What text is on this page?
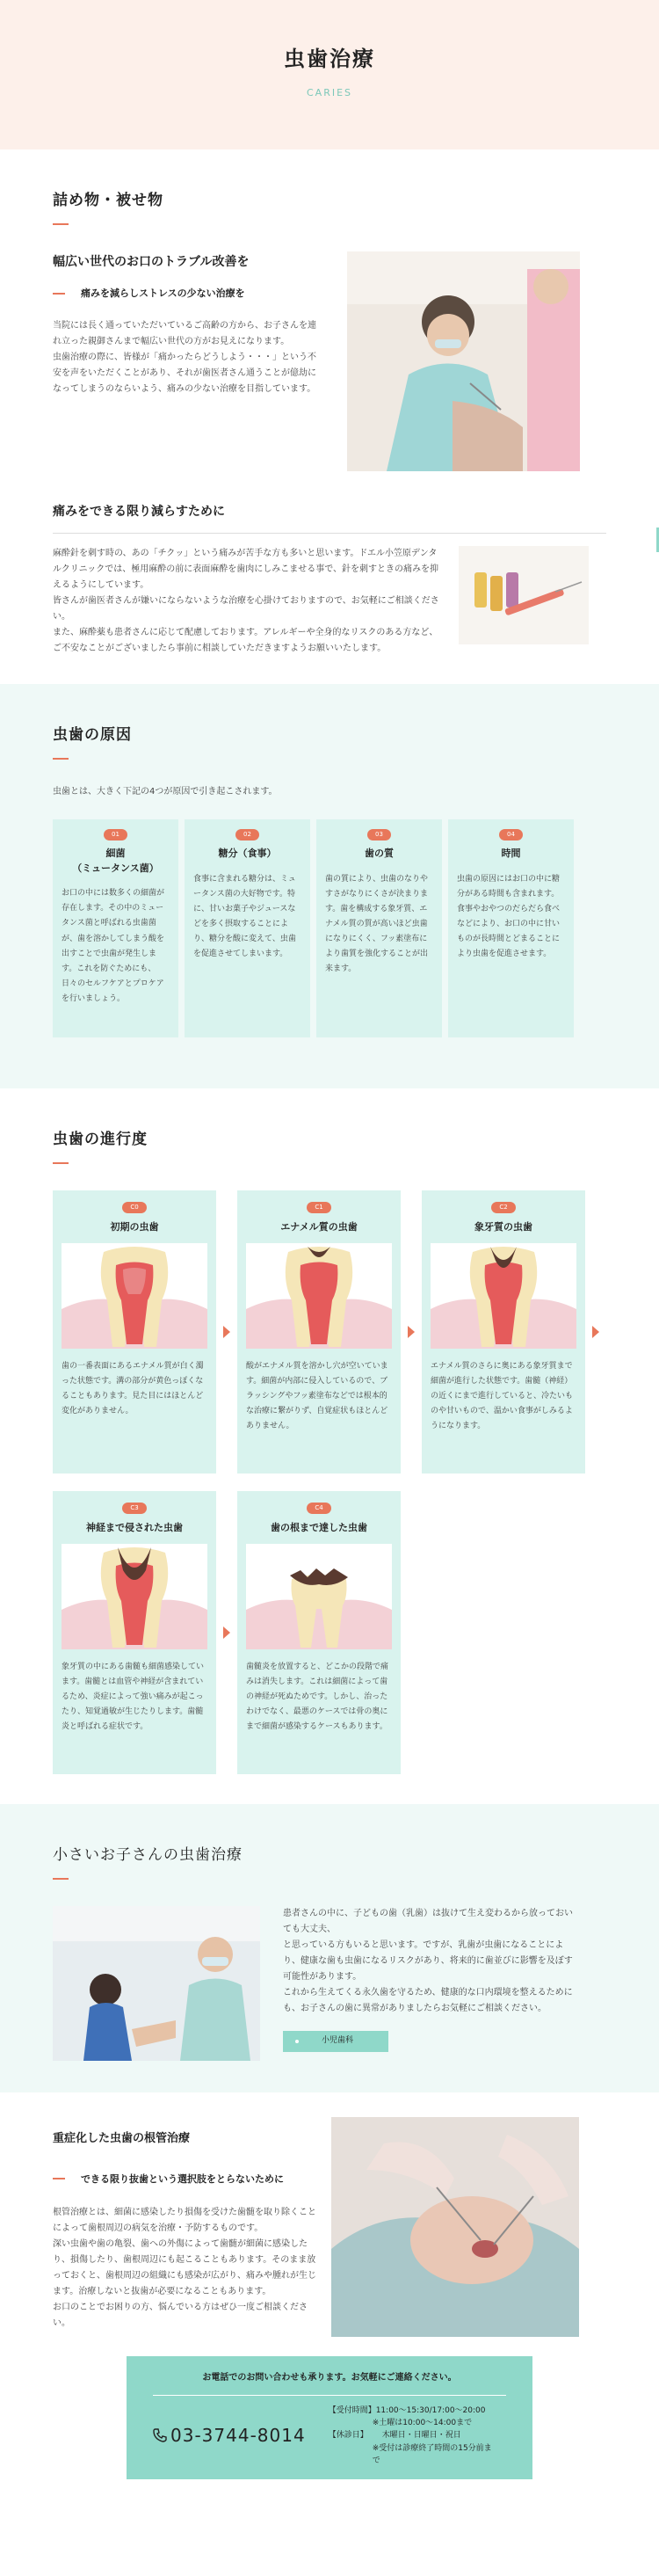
虫歯治療
CARIES
詰め物・被せ物
幅広い世代のお口のトラブル改善を
痛みを減らしストレスの少ない治療を

当院には長く通っていただいているご高齢の方から、お子さんを連れ立った親御さんまで幅広い世代の方がお見えになります。

虫歯治療の際に、皆様が「痛かったらどうしよう・・・」という不安を声をいただくことがあり、それが歯医者さん通うことが億劫になってしまうのならいよう、痛みの少ない治療を目指しています。

痛みをできる限り減らすために

麻酔針を刺す時の、あの「チクッ」という痛みが苦手な方も多いと思います。ドエル小笠原デンタルクリニックでは、極用麻酔の前に表面麻酔を歯肉にしみこませる事で、針を刺すときの痛みを抑えるようにしています。

皆さんが歯医者さんが嫌いにならないような治療を心掛けておりますので、お気軽にご相談ください。

また、麻酔薬も患者さんに応じて配慮しております。アレルギーや全身的なリスクのある方など、ご不安なことがございましたら事前に相談していただきますようお願いいたします。

虫歯の原因

虫歯とは、大きく下記の4つが原因で引き起こされます。

01
細菌
（ミュータンス菌）

お口の中には数多くの細菌が存在します。その中のミュータンス菌と呼ばれる虫歯菌が、歯を溶かしてしまう酸を出すことで虫歯が発生します。これを防ぐためにも、日々のセルフケアとプロケアを行いましょう。

02
糖分（食事）

食事に含まれる糖分は、ミュータンス菌の大好物です。特に、甘いお菓子やジュースなどを多く摂取することにより、糖分を酸に変えて、虫歯を促進させてしまいます。

03
歯の質

歯の質により、虫歯のなりやすさがなりにくさが決まります。歯を構成する象牙質、エナメル質の質が高いほど虫歯になりにくく、フッ素塗布により歯質を強化することが出来ます。

04
時間

虫歯の原因にはお口の中に糖分がある時間も含まれます。食事やおやつのだらだら食べなどにより、お口の中に甘いものが長時間とどまることにより虫歯を促進させます。

虫歯の進行度
C0
初期の虫歯

歯の一番表面にあるエナメル質が白く濁った状態です。溝の部分が黄色っぽくなることもあります。見た目にはほとんど変化がありません。

C1
エナメル質の虫歯

酸がエナメル質を溶かし穴が空いています。細菌が内部に侵入しているので、ブラッシングやフッ素塗布などでは根本的な治療に繋がりず、自覚症状もほとんどありません。

C2
象牙質の虫歯

エナメル質のさらに奥にある象牙質まで細菌が進行した状態です。歯髄（神経）の近くにまで進行していると、冷たいものや甘いもので、温かい食事がしみるようになります。

C3
神経まで侵された虫歯

象牙質の中にある歯髄も細菌感染しています。歯髄とは血管や神経が含まれているため、炎症によって強い痛みが起こったり、知覚過敏が生じたりします。歯髄炎と呼ばれる症状です。

C4
歯の根まで達した虫歯

歯髄炎を放置すると、どこかの段階で痛みは消失します。これは細菌によって歯の神経が死ぬためです。しかし、治ったわけでなく、最悪のケースでは骨の奥にまで細菌が感染するケースもあります。

小さいお子さんの虫歯治療

患者さんの中に、子どもの歯（乳歯）は抜けて生え変わるから放っておいても大丈夫、

と思っている方もいると思います。ですが、乳歯が虫歯になることにより、健康な歯も虫歯になるリスクがあり、将来的に歯並びに影響を及ぼす可能性があります。

これから生えてくる永久歯を守るため、健康的な口内環境を整えるためにも、お子さんの歯に異常がありましたらお気軽にご相談ください。

小児歯科
重症化した虫歯の根管治療
できる限り抜歯という選択肢をとらないために

根管治療とは、細菌に感染したり損傷を受けた歯髄を取り除くことによって歯根周辺の病気を治療・予防するものです。

深い虫歯や歯の亀裂、歯への外傷によって歯髄が細菌に感染したり、損傷したり、歯根周辺にも起こることもあります。そのまま放っておくと、歯根周辺の組織にも感染が広がり、痛みや腫れが生じます。治療しないと抜歯が必要になることもあります。

お口のことでお困りの方、悩んでいる方はぜひ一度ご相談ください。

お電話でのお問い合わせも承ります。お気軽にご連絡ください。
03-3744-8014
【受付時間】11:00〜15:30/17:00〜20:00
※土曜は10:00〜14:00まで
【休診日】 木曜日・日曜日・祝日
※受付は診療終了時間の15分前まで
